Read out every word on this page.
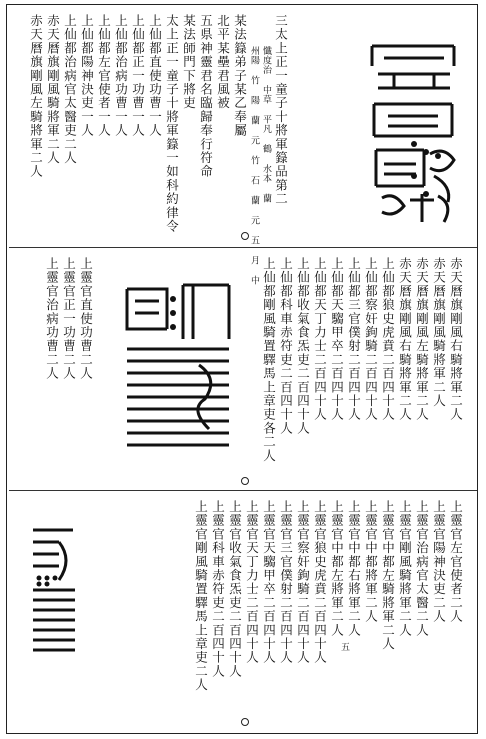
三太上正一童子十將軍籙品第二
懺度治 中草 平凡 鶴 水本 蘭
州陽 竹 陽 蘭 元 竹 石 蘭 元 五 月 中
某法籙弟子某乙奉屬
北平某壘君風被
五県神靈君名臨歸奉行符命
某法師門下將吏
太上正一童子十將軍籙一如科約律令
上仙都直使功曹一人
上仙都正一功曹一人
上仙都治病功曹一人
上仙都左官使者一人
上仙都陽神決吏一人
上仙都治病官太醫吏二人
赤天曆旗剛風騎將軍二人
赤天曆旗剛風左騎將軍二人
赤天曆旗剛風右騎將軍二人
赤天曆旗剛風騎將軍二人
赤天曆旗剛風左騎將軍二人
赤天曆旗剛風右騎將軍二人
上仙都狼史虎賁二百四十人
上仙都察奸鉤騎二百四十人
上仙都三官僕射二百四十人
上仙都天騶甲卒二百四十人
上仙都天丁力士二百四十人
上仙都收氣食炁吏二百四十人
上仙都科車赤符吏二百四十人
上仙都剛風騎置驛馬上章吏各二人
上靈官直使功曹二人
上靈官正一功曹二人
上靈官治病功曹二人
上靈官左官使者二人
上靈官陽神決吏二人
上靈官治病官太醫二人
上靈官剛風騎將軍二人
上靈官中都左騎將軍二人
上靈官中都將軍二人
上靈官中都右將軍二人
上靈官中都左將軍二人
上靈官狼史虎賁二百四十人
上靈官察奸鉤騎二百四十人
上靈官三官僕射二百四十人
上靈官天騶甲卒二百四十人
上靈官天丁力士二百四十人
上靈官收氣食炁吏二百四十人
上靈官科車赤符吏二百四十人
上靈官剛風騎置驛馬上章吏二人	五
